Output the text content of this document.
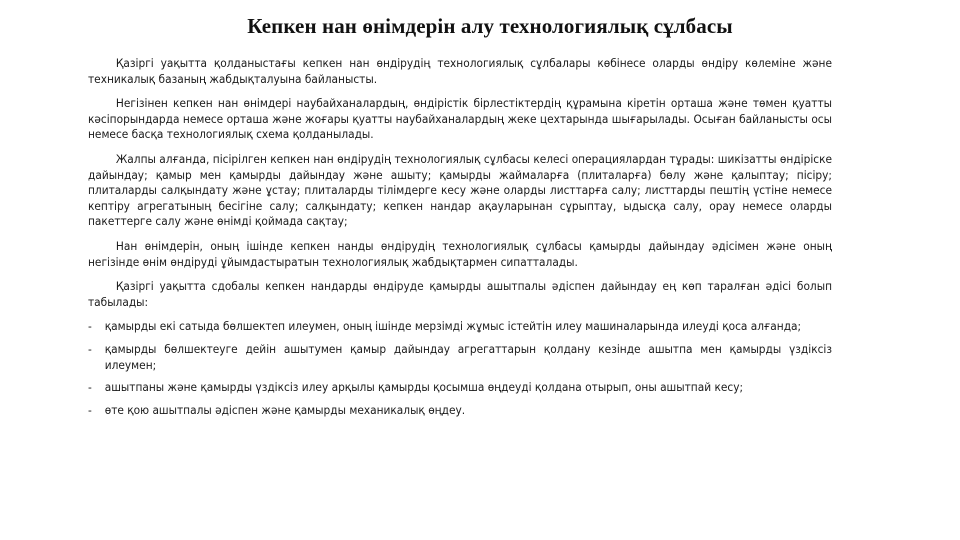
Кепкен нан өнімдерін алу технологиялық сұлбасы

Қазіргі уақытта қолданыстағы кепкен нан өндірудің технологиялық сұлбалары көбінесе оларды өндіру көлеміне және техникалық базаның жабдықталуына байланысты.

Негізінен кепкен нан өнімдері наубайханалардың, өндірістік бірлестіктердің құрамына кіретін орташа және төмен қуатты кәсіпорындарда немесе орташа және жоғары қуатты наубайханалардың жеке цехтарында шығарылады. Осыған байланысты осы немесе басқа технологиялық схема қолданылады.

Жалпы алғанда, пісірілген кепкен нан өндірудің технологиялық сұлбасы келесі операциялардан тұрады: шикізатты өндіріске дайындау; қамыр мен қамырды дайындау және ашыту; қамырды жаймаларға (плиталарға) бөлу және қалыптау; пісіру; плиталарды салқындату және ұстау; плиталарды тілімдерге кесу және оларды листтарға салу; листтарды пештің үстіне немесе кептіру агрегатының бесігіне салу; салқындату; кепкен нандар ақауларынан сұрыптау, ыдысқа салу, орау немесе оларды пакеттерге салу және өнімді қоймада сақтау;

Нан өнімдерін, оның ішінде кепкен нанды өндірудің технологиялық сұлбасы қамырды дайындау әдісімен және оның негізінде өнім өндіруді ұйымдастыратын технологиялық жабдықтармен сипатталады.

Қазіргі уақытта сдобалы кепкен нандарды өндіруде қамырды ашытпалы әдіспен дайындау ең көп таралған әдісі болып табылады:

- қамырды екі сатыда бөлшектеп илеумен, оның ішінде мерзімді жұмыс істейтін илеу машиналарында илеуді қоса алғанда;
- қамырды бөлшектеуге дейін ашытумен қамыр дайындау агрегаттарын қолдану кезінде ашытпа мен қамырды үздіксіз илеумен;
- ашытпаны және қамырды үздіксіз илеу арқылы қамырды қосымша өңдеуді қолдана отырып, оны ашытпай кесу;
- өте қою ашытпалы әдіспен және қамырды механикалық өңдеу.
